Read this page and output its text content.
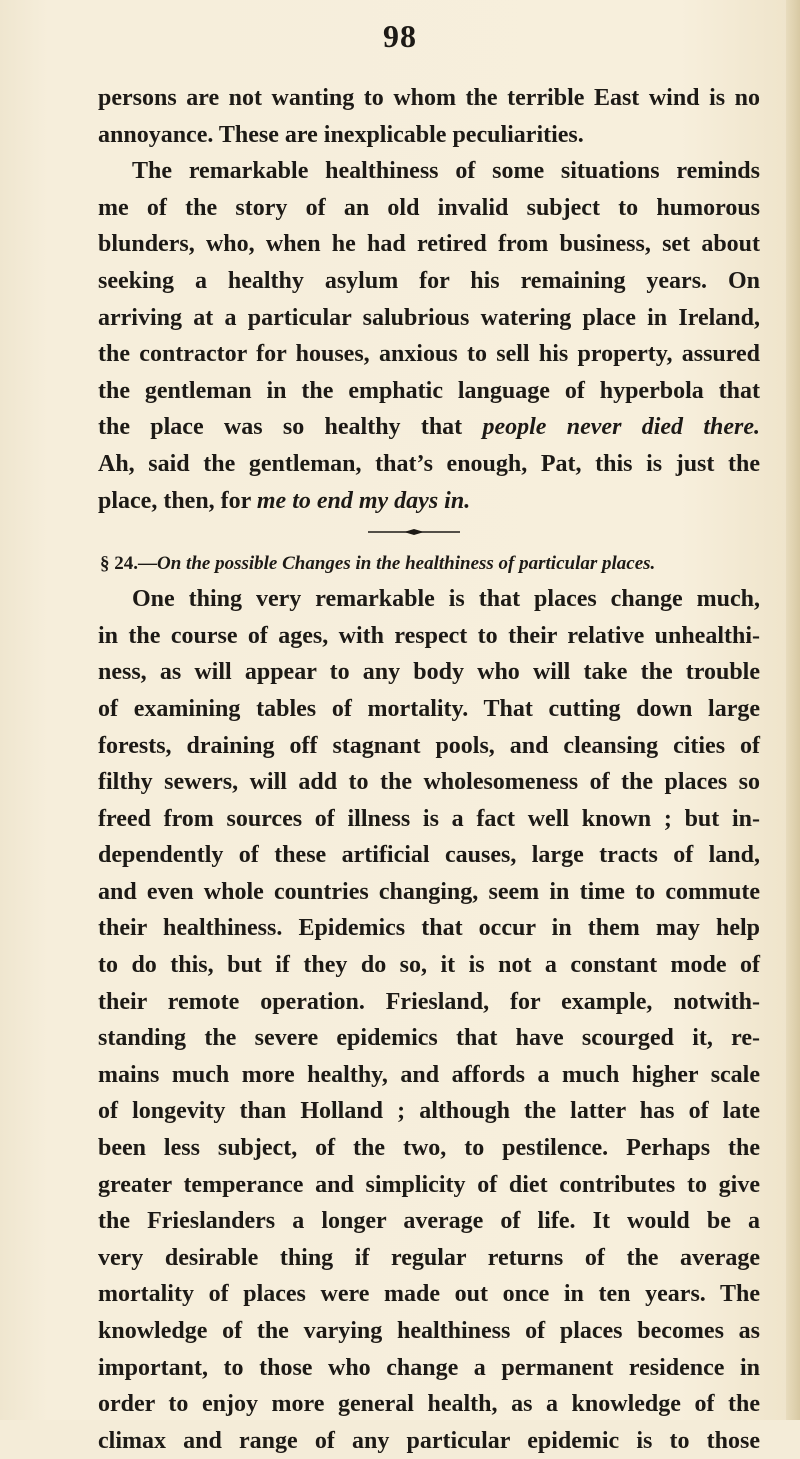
98
persons are not wanting to whom the terrible East wind is no
annoyance. These are inexplicable peculiarities.
The remarkable healthiness of some situations reminds
me of the story of an old invalid subject to humorous
blunders, who, when he had retired from business, set about
seeking a healthy asylum for his remaining years. On
arriving at a particular salubrious watering place in Ireland,
the contractor for houses, anxious to sell his property, assured
the gentleman in the emphatic language of hyperbola that
the place was so healthy that people never died there.
Ah, said the gentleman, that’s enough, Pat, this is just the
place, then, for me to end my days in.
§ 24.—On the possible Changes in the healthiness of particular places.
One thing very remarkable is that places change much,
in the course of ages, with respect to their relative unhealthi-
ness, as will appear to any body who will take the trouble
of examining tables of mortality. That cutting down large
forests, draining off stagnant pools, and cleansing cities of
filthy sewers, will add to the wholesomeness of the places so
freed from sources of illness is a fact well known ; but in-
dependently of these artificial causes, large tracts of land,
and even whole countries changing, seem in time to commute
their healthiness. Epidemics that occur in them may help
to do this, but if they do so, it is not a constant mode of
their remote operation. Friesland, for example, notwith-
standing the severe epidemics that have scourged it, re-
mains much more healthy, and affords a much higher scale
of longevity than Holland ; although the latter has of late
been less subject, of the two, to pestilence. Perhaps the
greater temperance and simplicity of diet contributes to give
the Frieslanders a longer average of life. It would be a
very desirable thing if regular returns of the average
mortality of places were made out once in ten years. The
knowledge of the varying healthiness of places becomes as
important, to those who change a permanent residence in
order to enjoy more general health, as a knowledge of the
climax and range of any particular epidemic is to those
